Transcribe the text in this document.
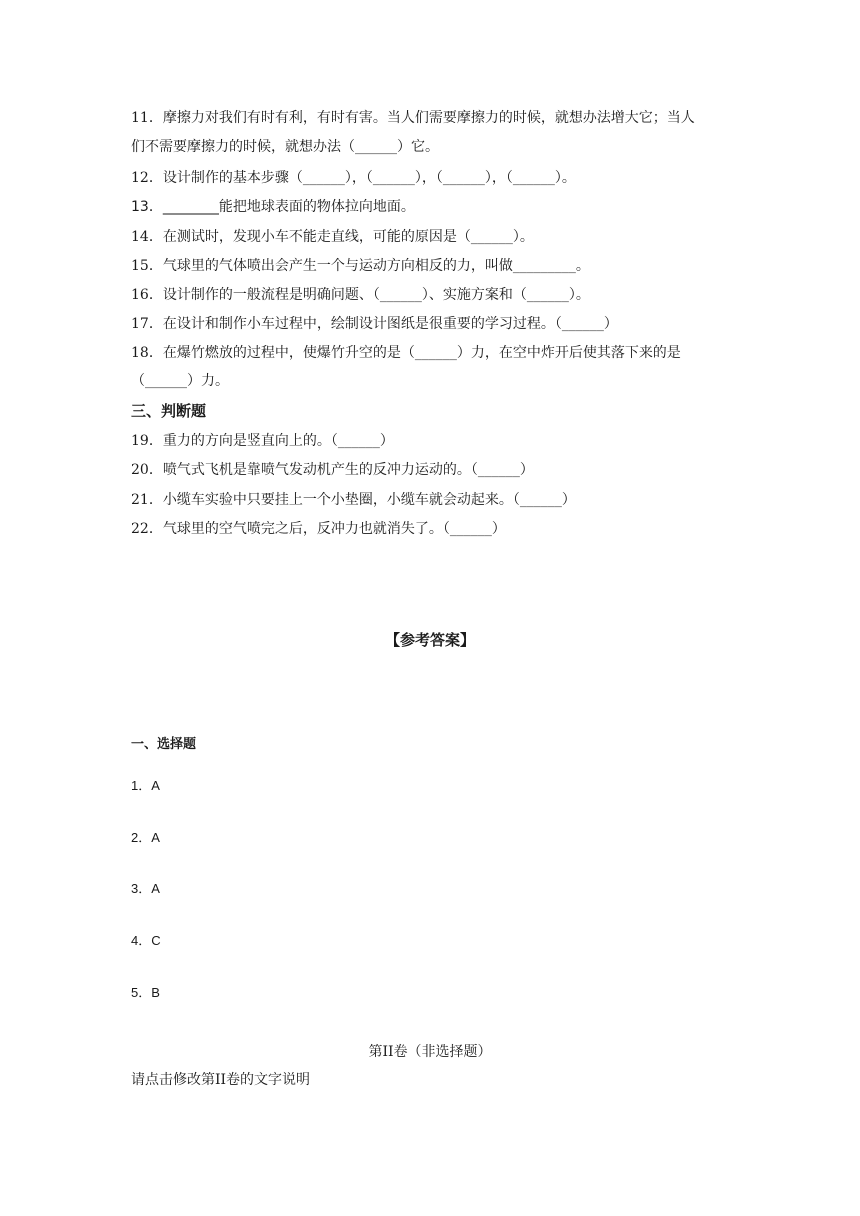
11．摩擦力对我们有时有利，有时有害。当人们需要摩擦力的时候，就想办法增大它；当人
们不需要摩擦力的时候，就想办法（______）它。
12．设计制作的基本步骤（______），（______），（______），（______）。
13．________能把地球表面的物体拉向地面。
14．在测试时，发现小车不能走直线，可能的原因是（______）。
15．气球里的气体喷出会产生一个与运动方向相反的力，叫做_________。
16．设计制作的一般流程是明确问题、（______）、实施方案和（______）。
17．在设计和制作小车过程中，绘制设计图纸是很重要的学习过程。（______）
18．在爆竹燃放的过程中，使爆竹升空的是（______）力，在空中炸开后使其落下来的是
（______）力。
三、判断题
19．重力的方向是竖直向上的。（______）
20．喷气式飞机是靠喷气发动机产生的反冲力运动的。（______）
21．小缆车实验中只要挂上一个小垫圈，小缆车就会动起来。（______）
22．气球里的空气喷完之后，反冲力也就消失了。（______）
【参考答案】
一、选择题
1．A
2．A
3．A
4．C
5．B
第II卷（非选择题）
请点击修改第II卷的文字说明
